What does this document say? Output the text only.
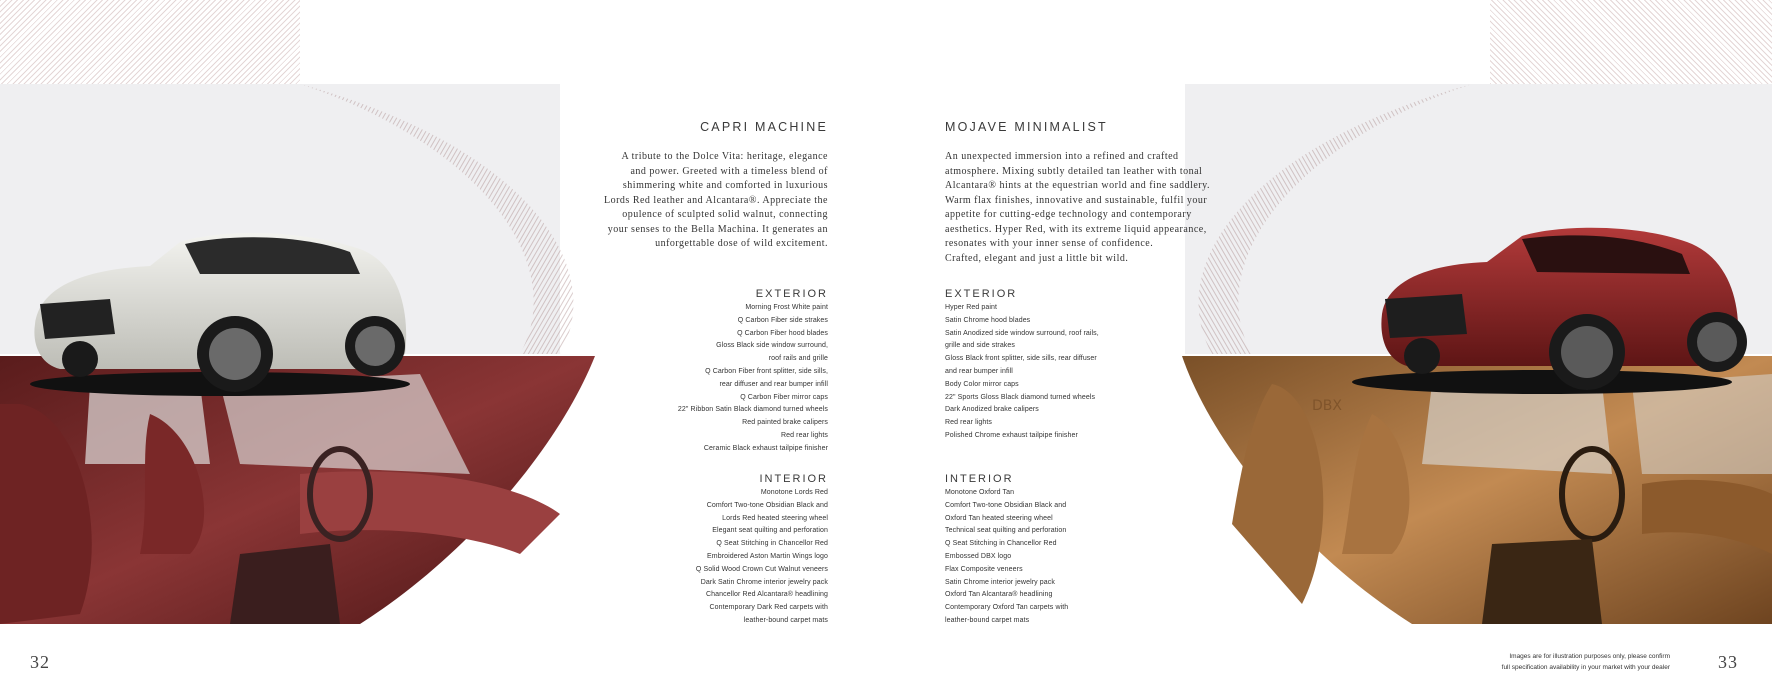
DBX
CAPRI MACHINE
A tribute to the Dolce Vita: heritage, elegance
and power. Greeted with a timeless blend of
shimmering white and comforted in luxurious
Lords Red leather and Alcantara®. Appreciate the
opulence of sculpted solid walnut, connecting
your senses to the Bella Machina. It generates an
unforgettable dose of wild excitement.
EXTERIOR
Morning Frost White paint
Q Carbon Fiber side strakes
Q Carbon Fiber hood blades
Gloss Black side window surround,
roof rails and grille
Q Carbon Fiber front splitter, side sills,
rear diffuser and rear bumper infill
Q Carbon Fiber mirror caps
22" Ribbon Satin Black diamond turned wheels
Red painted brake calipers
Red rear lights
Ceramic Black exhaust tailpipe finisher
INTERIOR
Monotone Lords Red
Comfort Two-tone Obsidian Black and
Lords Red heated steering wheel
Elegant seat quilting and perforation
Q Seat Stitching in Chancellor Red
Embroidered Aston Martin Wings logo
Q Solid Wood Crown Cut Walnut veneers
Dark Satin Chrome interior jewelry pack
Chancellor Red Alcantara® headlining
Contemporary Dark Red carpets with
leather-bound carpet mats
32
MOJAVE MINIMALIST
An unexpected immersion into a refined and crafted
atmosphere. Mixing subtly detailed tan leather with tonal
Alcantara® hints at the equestrian world and fine saddlery.
Warm flax finishes, innovative and sustainable, fulfil your
appetite for cutting-edge technology and contemporary
aesthetics. Hyper Red, with its extreme liquid appearance,
resonates with your inner sense of confidence.
Crafted, elegant and just a little bit wild.
EXTERIOR
Hyper Red paint
Satin Chrome hood blades
Satin Anodized side window surround, roof rails,
grille and side strakes
Gloss Black front splitter, side sills, rear diffuser
and rear bumper infill
Body Color mirror caps
22" Sports Gloss Black diamond turned wheels
Dark Anodized brake calipers
Red rear lights
Polished Chrome exhaust tailpipe finisher
INTERIOR
Monotone Oxford Tan
Comfort Two-tone Obsidian Black and
Oxford Tan heated steering wheel
Technical seat quilting and perforation
Q Seat Stitching in Chancellor Red
Embossed DBX logo
Flax Composite veneers
Satin Chrome interior jewelry pack
Oxford Tan Alcantara® headlining
Contemporary Oxford Tan carpets with
leather-bound carpet mats
Images are for illustration purposes only, please confirm
full specification availability in your market with your dealer	33
